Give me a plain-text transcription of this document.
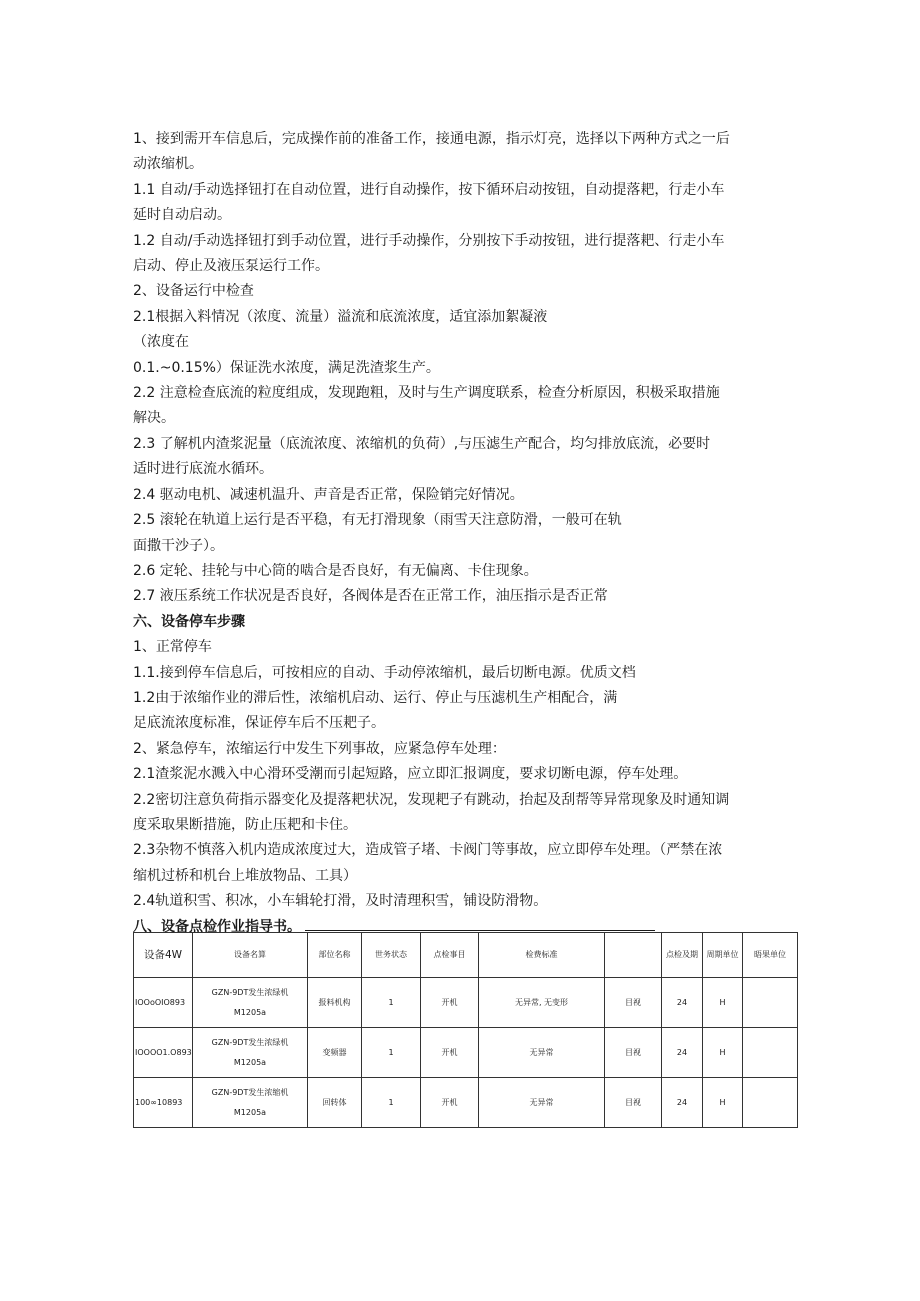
1、接到需开车信息后，完成操作前的准备工作，接通电源，指示灯亮，选择以下两种方式之一后

动浓缩机。

1.1 自动/手动选择钮打在自动位置，进行自动操作，按下循环启动按钮，自动提落耙，行走小车

延时自动启动。

1.2 自动/手动选择钮打到手动位置，进行手动操作，分别按下手动按钮，进行提落耙、行走小车

启动、停止及液压泵运行工作。

2、设备运行中检查

2.1根据入料情况（浓度、流量）溢流和底流浓度，适宜添加絮凝液

（浓度在

0.1.~0.15%）保证洗水浓度，满足洗渣浆生产。

2.2 注意检查底流的粒度组成，发现跑粗，及时与生产调度联系，检查分析原因，积极采取措施

解决。

2.3 了解机内渣浆泥量（底流浓度、浓缩机的负荷）,与压滤生产配合，均匀排放底流，必要时

适时进行底流水循环。

2.4 驱动电机、减速机温升、声音是否正常，保险销完好情况。

2.5 滚轮在轨道上运行是否平稳，有无打滑现象（雨雪天注意防滑，一般可在轨

面撒干沙子）。

2.6 定轮、挂轮与中心筒的啮合是否良好，有无偏离、卡住现象。

2.7 液压系统工作状况是否良好，各阀体是否在正常工作，油压指示是否正常

六、设备停车步骤

1、正常停车

1.1.接到停车信息后，可按相应的自动、手动停浓缩机，最后切断电源。优质文档

1.2由于浓缩作业的滞后性，浓缩机启动、运行、停止与压滤机生产相配合，满

足底流浓度标准，保证停车后不压耙子。

2、紧急停车，浓缩运行中发生下列事故，应紧急停车处理：

2.1渣浆泥水溅入中心滑环受潮而引起短路，应立即汇报调度，要求切断电源，停车处理。

2.2密切注意负荷指示器变化及提落耙状况，发现耙子有跳动，抬起及刮帮等异常现象及时通知调

度采取果断措施，防止压耙和卡住。

2.3杂物不慎落入机内造成浓度过大，造成管子堵、卡阀门等事故，应立即停车处理。（严禁在浓

缩机过桥和机台上堆放物品、工具）

2.4轨道积雪、积冰，小车辑轮打滑，及时清理积雪，铺设防滑物。

八、设备点检作业指导书。

设备4W	设备名算	部位名称	世务状态	点检事目	检费标准		点检及期	周期单位	晤果单位
IOOoOIO893	GZN-9DT发生浓绿机
M1205a	报料机构	1	开机	无异常, 无变形	目视	24	H	
IOOOO1.O893	GZN-9DT发生浓绿机
M1205a	变频器	1	开机	无异常	目视	24	H	
100∞10893	GZN-9DT发生浓缩机
M1205a	回转体	1	开机	无异常	目视	24	H	
